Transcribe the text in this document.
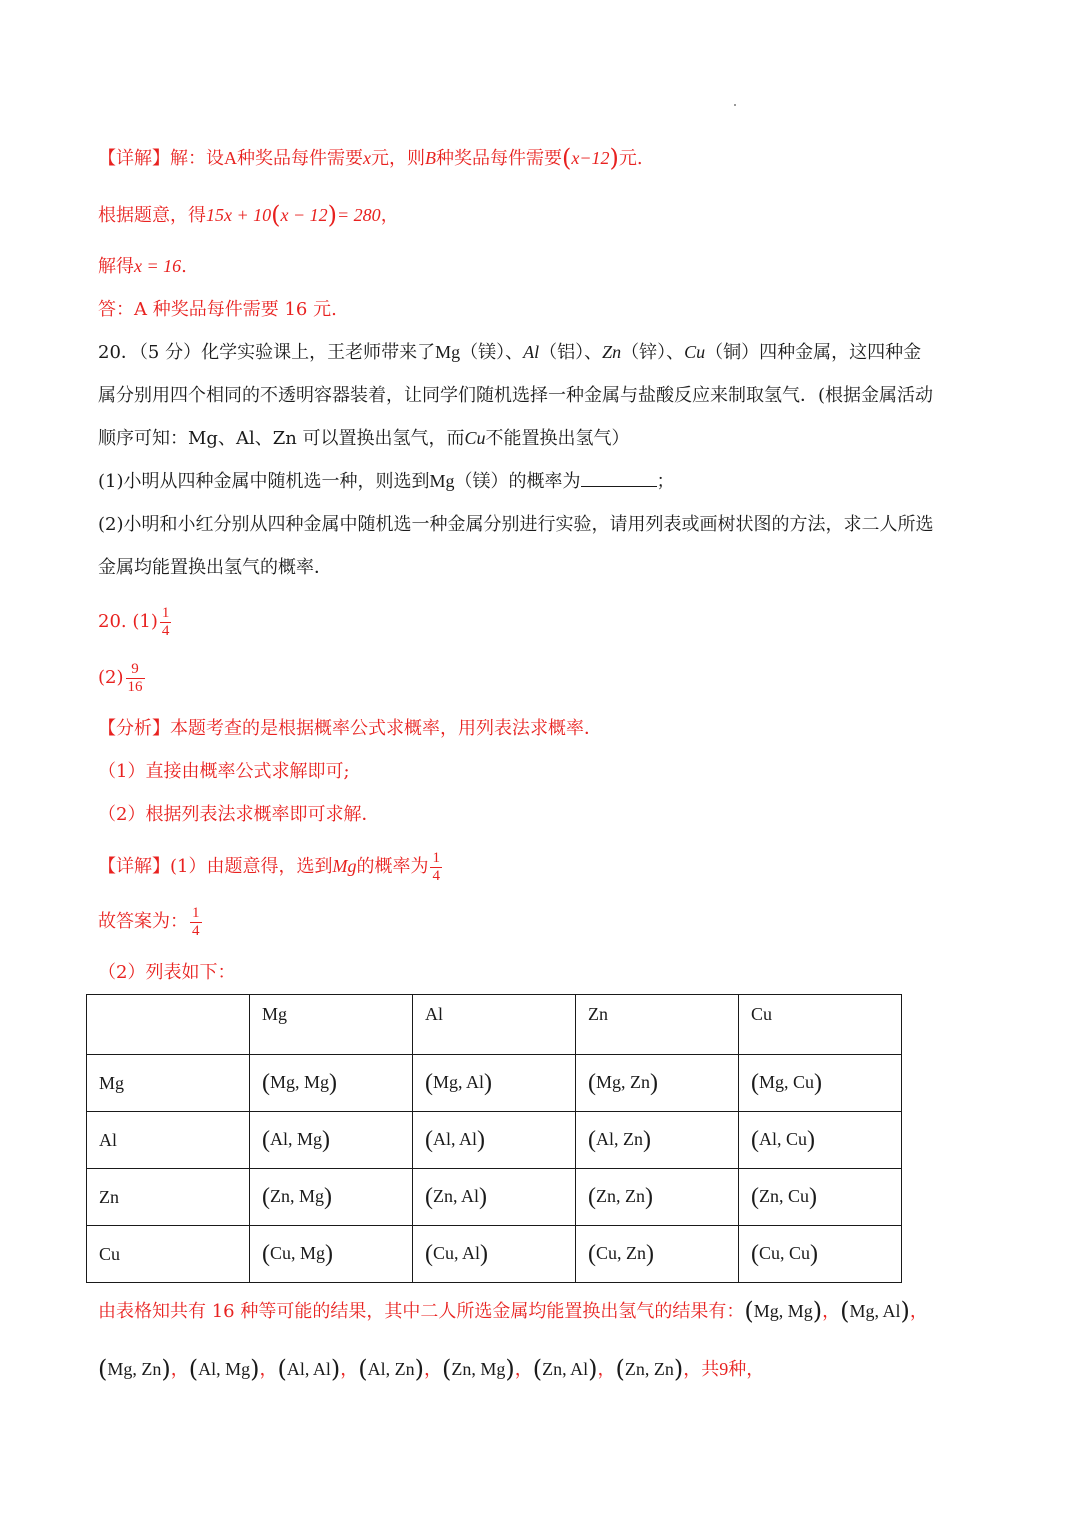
【详解】解：设A种奖品每件需要x元，则B种奖品每件需要(x−12)元.
根据题意，得15x + 10(x − 12)= 280，
解得x = 16.
答：A 种奖品每件需要 16 元.
20．（5 分）化学实验课上，王老师带来了Mg（镁）、Al（铝）、Zn（锌）、Cu（铜）四种金属，这四种金
属分别用四个相同的不透明容器装着，让同学们随机选择一种金属与盐酸反应来制取氢气．(根据金属活动
顺序可知：Mg、Al、Zn 可以置换出氢气，而Cu不能置换出氢气）
(1)小明从四种金属中随机选一种，则选到Mg（镁）的概率为	；
(2)小明和小红分别从四种金属中随机选一种金属分别进行实验，请用列表或画树状图的方法，求二人所选
金属均能置换出氢气的概率．
20. $(1) \frac{1}{4}$
$(2) \frac{9}{16}$
【分析】本题考查的是根据概率公式求概率，用列表法求概率．
（1）直接由概率公式求解即可;
（2）根据列表法求概率即可求解．
【详解】(1）由题意得，选到Mg的概率为 $\frac{1}{4}$
故答案为： $\frac{1}{4}$
（2）列表如下：
	Mg	Al	Zn	Cu
Mg	(Mg, Mg)	(Mg, Al)	(Mg, Zn)	(Mg, Cu)
Al	(Al, Mg)	(Al, Al)	(Al, Zn)	(Al, Cu)
Zn	(Zn, Mg)	(Zn, Al)	(Zn, Zn)	(Zn, Cu)
Cu	(Cu, Mg)	(Cu, Al)	(Cu, Zn)	(Cu, Cu)
由表格知共有 16 种等可能的结果，其中二人所选金属均能置换出氢气的结果有：(Mg, Mg)，(Mg, Al)，
(Mg, Zn)，(Al, Mg)，(Al, Al)，(Al, Zn)，(Zn, Mg)，(Zn, Al)，(Zn, Zn)，共9种，
